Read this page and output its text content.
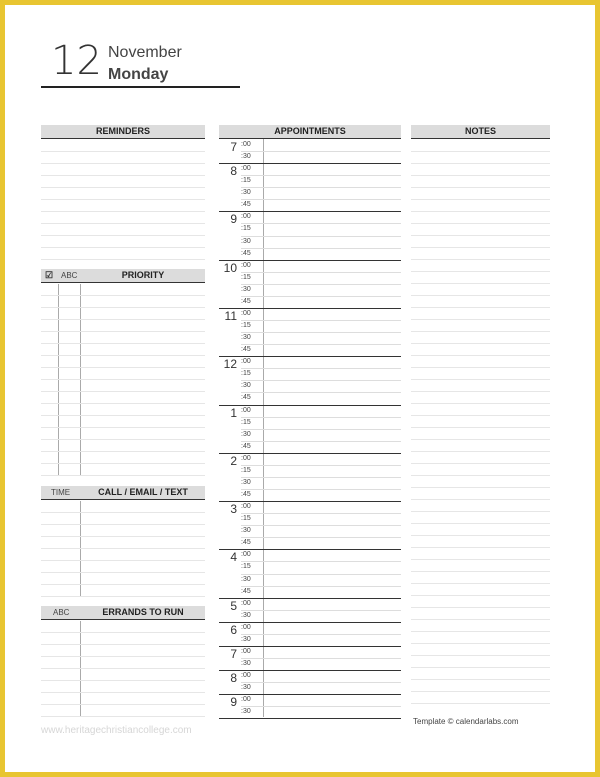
12 November
Monday
REMINDERS
☑ ABC	PRIORITY
TIME	CALL / EMAIL / TEXT
ABC	ERRANDS TO RUN
APPOINTMENTS
7 :00
:30
8 :00
:15
:30
:45
9 :00
:15
:30
:45
10 :00
:15
:30
:45
11 :00
:15
:30
:45
12 :00
:15
:30
:45
1 :00
:15
:30
:45
2 :00
:15
:30
:45
3 :00
:15
:30
:45
4 :00
:15
:30
:45
5 :00
:30
6 :00
:30
7 :00
:30
8 :00
:30
9 :00
:30
NOTES
Template © calendarlabs.com
www.heritagechristiancollege.com
